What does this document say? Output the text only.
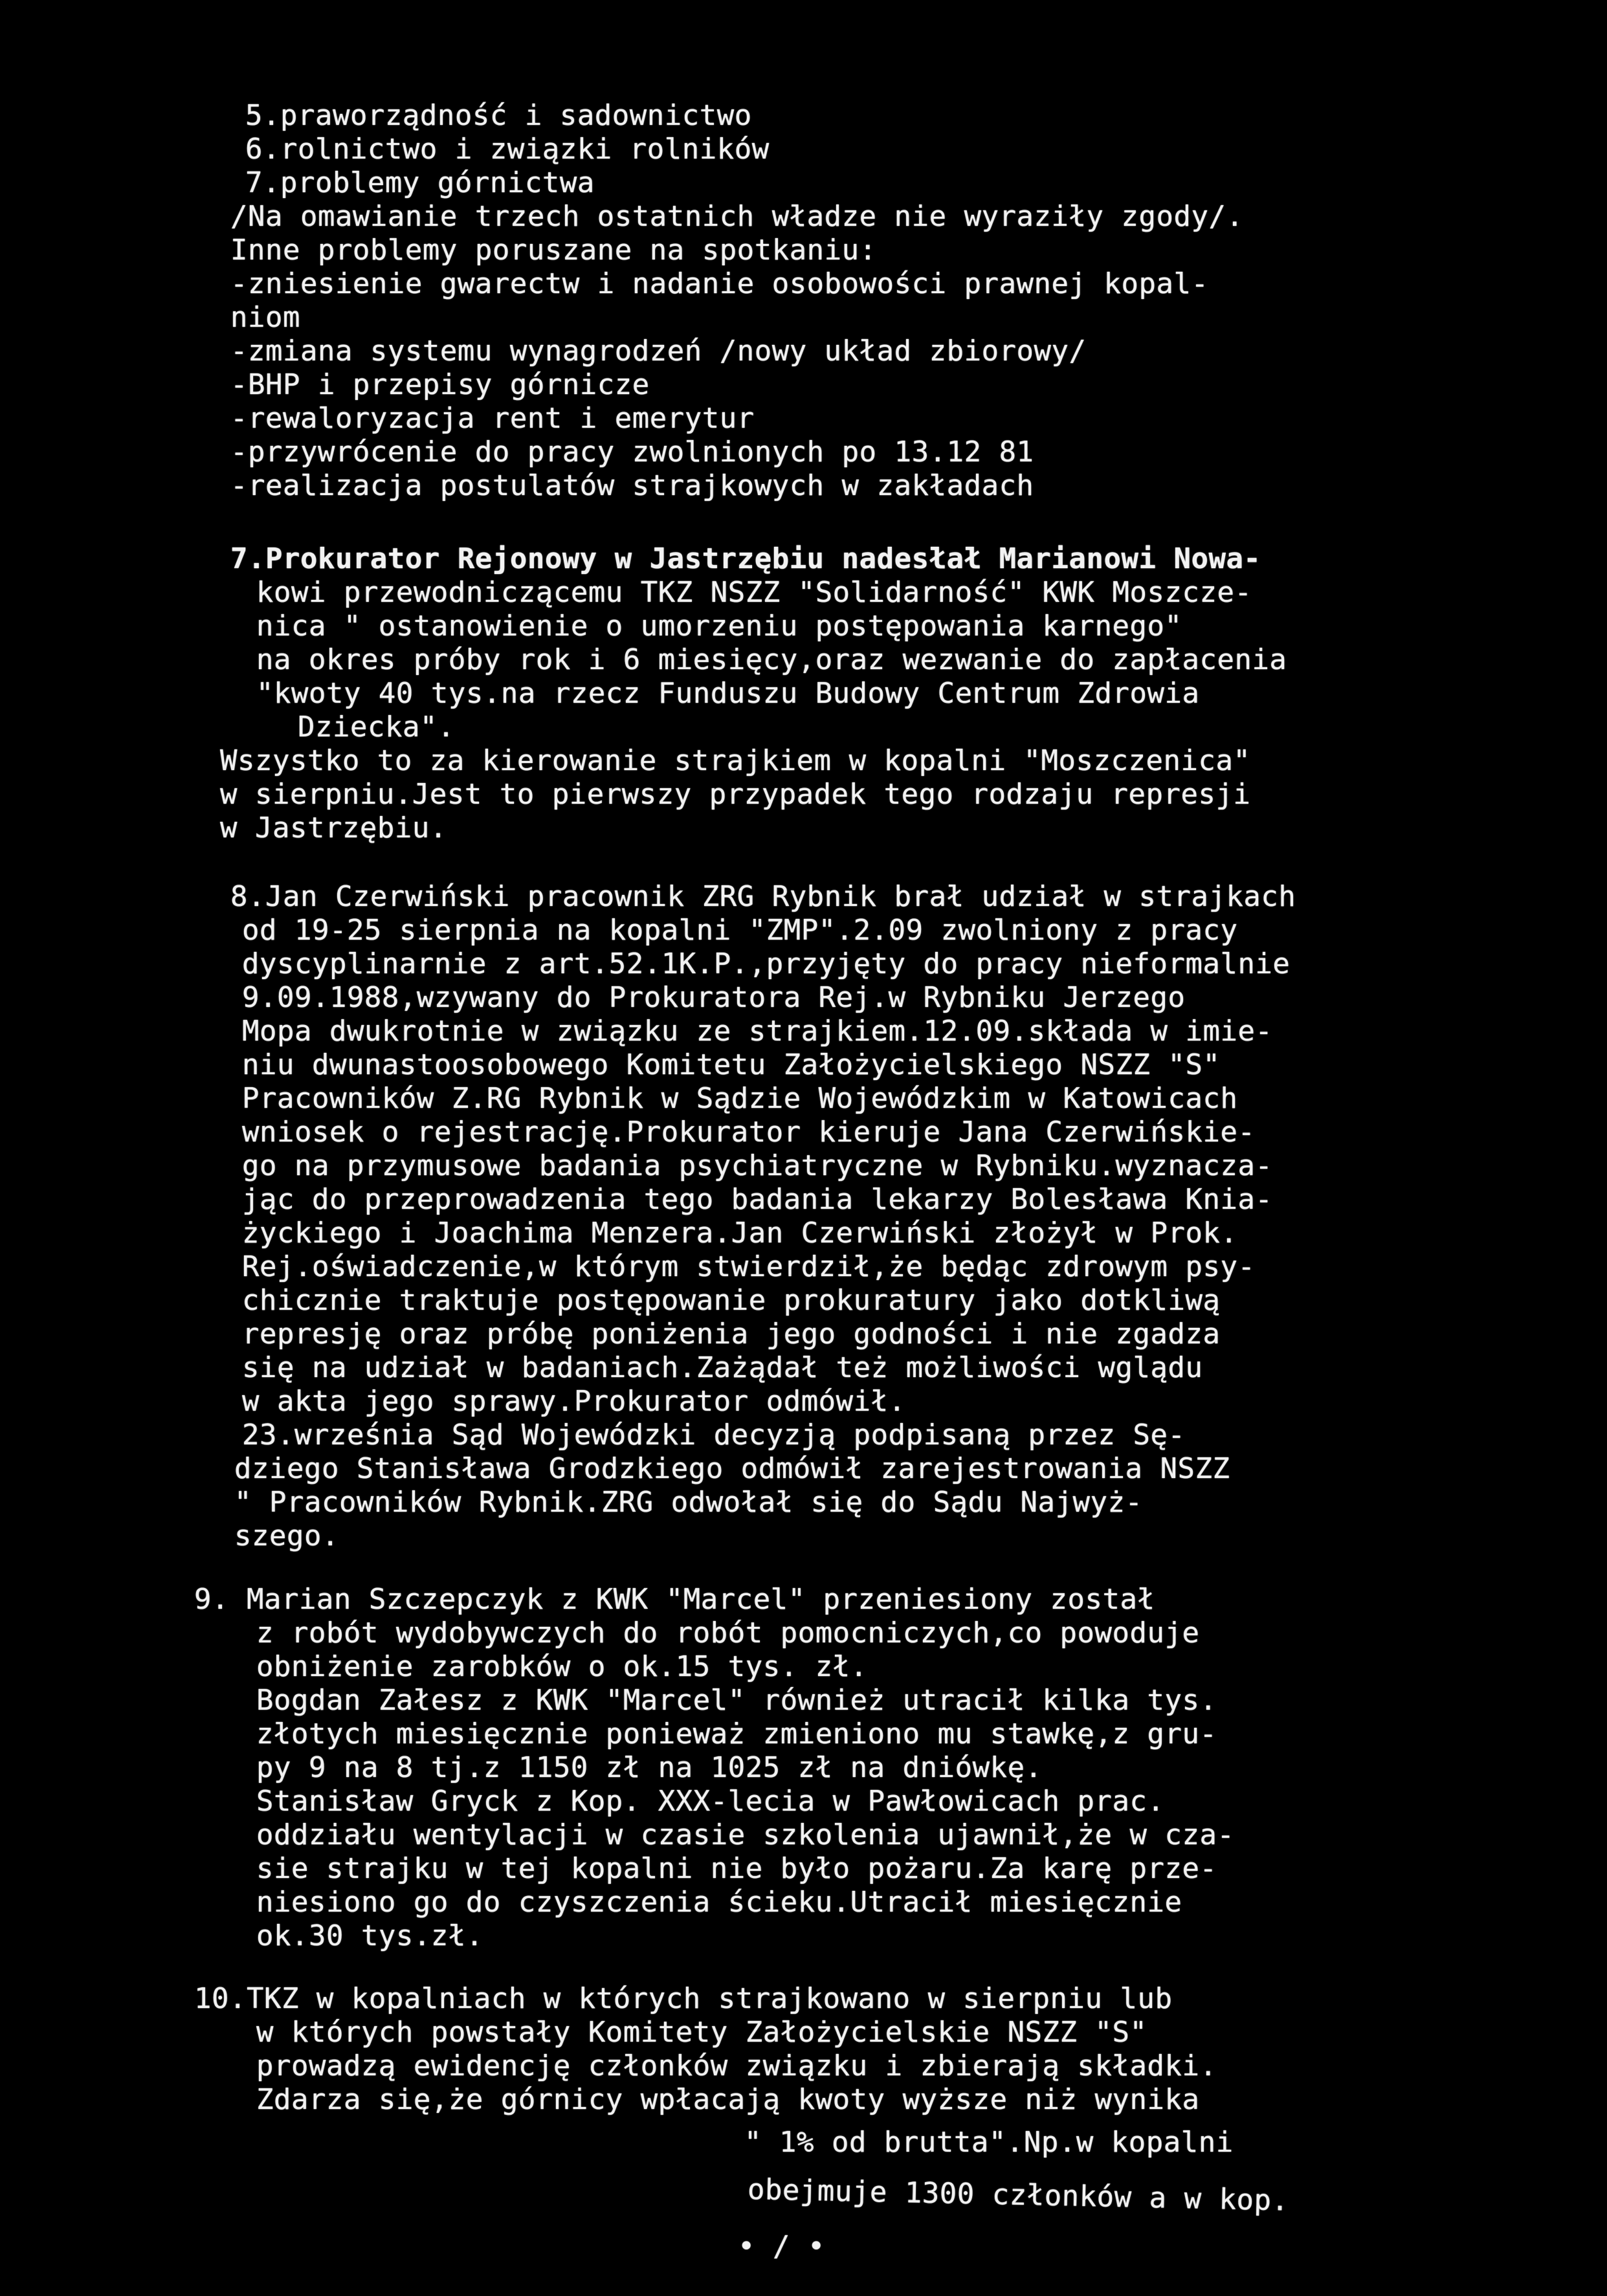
5.praworządność i sadownictwo
6.rolnictwo i związki rolników
7.problemy górnictwa
/Na omawianie trzech ostatnich władze nie wyraziły zgody/.
Inne problemy poruszane na spotkaniu:
-zniesienie gwarectw i nadanie osobowości prawnej kopal-
niom
-zmiana systemu wynagrodzeń /nowy układ zbiorowy/
-BHP i przepisy górnicze
-rewaloryzacja rent i emerytur
-przywrócenie do pracy zwolnionych po 13.12 81
-realizacja postulatów strajkowych w zakładach
7.Prokurator Rejonowy w Jastrzębiu nadesłał Marianowi Nowa-
kowi przewodniczącemu TKZ NSZZ "Solidarność" KWK Moszcze-
nica " ostanowienie o umorzeniu postępowania karnego"
na okres próby rok i 6 miesięcy,oraz wezwanie do zapłacenia
"kwoty 40 tys.na rzecz Funduszu Budowy Centrum Zdrowia
Dziecka".
Wszystko to za kierowanie strajkiem w kopalni "Moszczenica"
w sierpniu.Jest to pierwszy przypadek tego rodzaju represji
w Jastrzębiu.
8.Jan Czerwiński pracownik ZRG Rybnik brał udział w strajkach
od 19-25 sierpnia na kopalni "ZMP".2.09 zwolniony z pracy
dyscyplinarnie z art.52.1K.P.,przyjęty do pracy nieformalnie
9.09.1988,wzywany do Prokuratora Rej.w Rybniku Jerzego
Mopa dwukrotnie w związku ze strajkiem.12.09.składa w imie-
niu dwunastoosobowego Komitetu Założycielskiego NSZZ "S"
Pracowników Z.RG Rybnik w Sądzie Wojewódzkim w Katowicach
wniosek o rejestrację.Prokurator kieruje Jana Czerwińskie-
go na przymusowe badania psychiatryczne w Rybniku.wyznacza-
jąc do przeprowadzenia tego badania lekarzy Bolesława Knia-
życkiego i Joachima Menzera.Jan Czerwiński złożył w Prok.
Rej.oświadczenie,w którym stwierdził,że będąc zdrowym psy-
chicznie traktuje postępowanie prokuratury jako dotkliwą
represję oraz próbę poniżenia jego godności i nie zgadza
się na udział w badaniach.Zażądał też możliwości wglądu
w akta jego sprawy.Prokurator odmówił.
23.września Sąd Wojewódzki decyzją podpisaną przez Sę-
dziego Stanisława Grodzkiego odmówił zarejestrowania NSZZ
" Pracowników Rybnik.ZRG odwołał się do Sądu Najwyż-
szego.
9. Marian Szczepczyk z KWK "Marcel" przeniesiony został
z robót wydobywczych do robót pomocniczych,co powoduje
obniżenie zarobków o ok.15 tys. zł.
Bogdan Załesz z KWK "Marcel" również utracił kilka tys.
złotych miesięcznie ponieważ zmieniono mu stawkę,z gru-
py 9 na 8 tj.z 1150 zł na 1025 zł na dniówkę.
Stanisław Gryck z Kop. XXX-lecia w Pawłowicach prac.
oddziału wentylacji w czasie szkolenia ujawnił,że w cza-
sie strajku w tej kopalni nie było pożaru.Za karę prze-
niesiono go do czyszczenia ścieku.Utracił miesięcznie
ok.30 tys.zł.
10.TKZ w kopalniach w których strajkowano w sierpniu lub
w których powstały Komitety Założycielskie NSZZ "S"
prowadzą ewidencję członków związku i zbierają składki.
Zdarza się,że górnicy wpłacają kwoty wyższe niż wynika
" 1% od brutta".Np.w kopalni
obejmuje 1300 członków a w kop.
• / •
